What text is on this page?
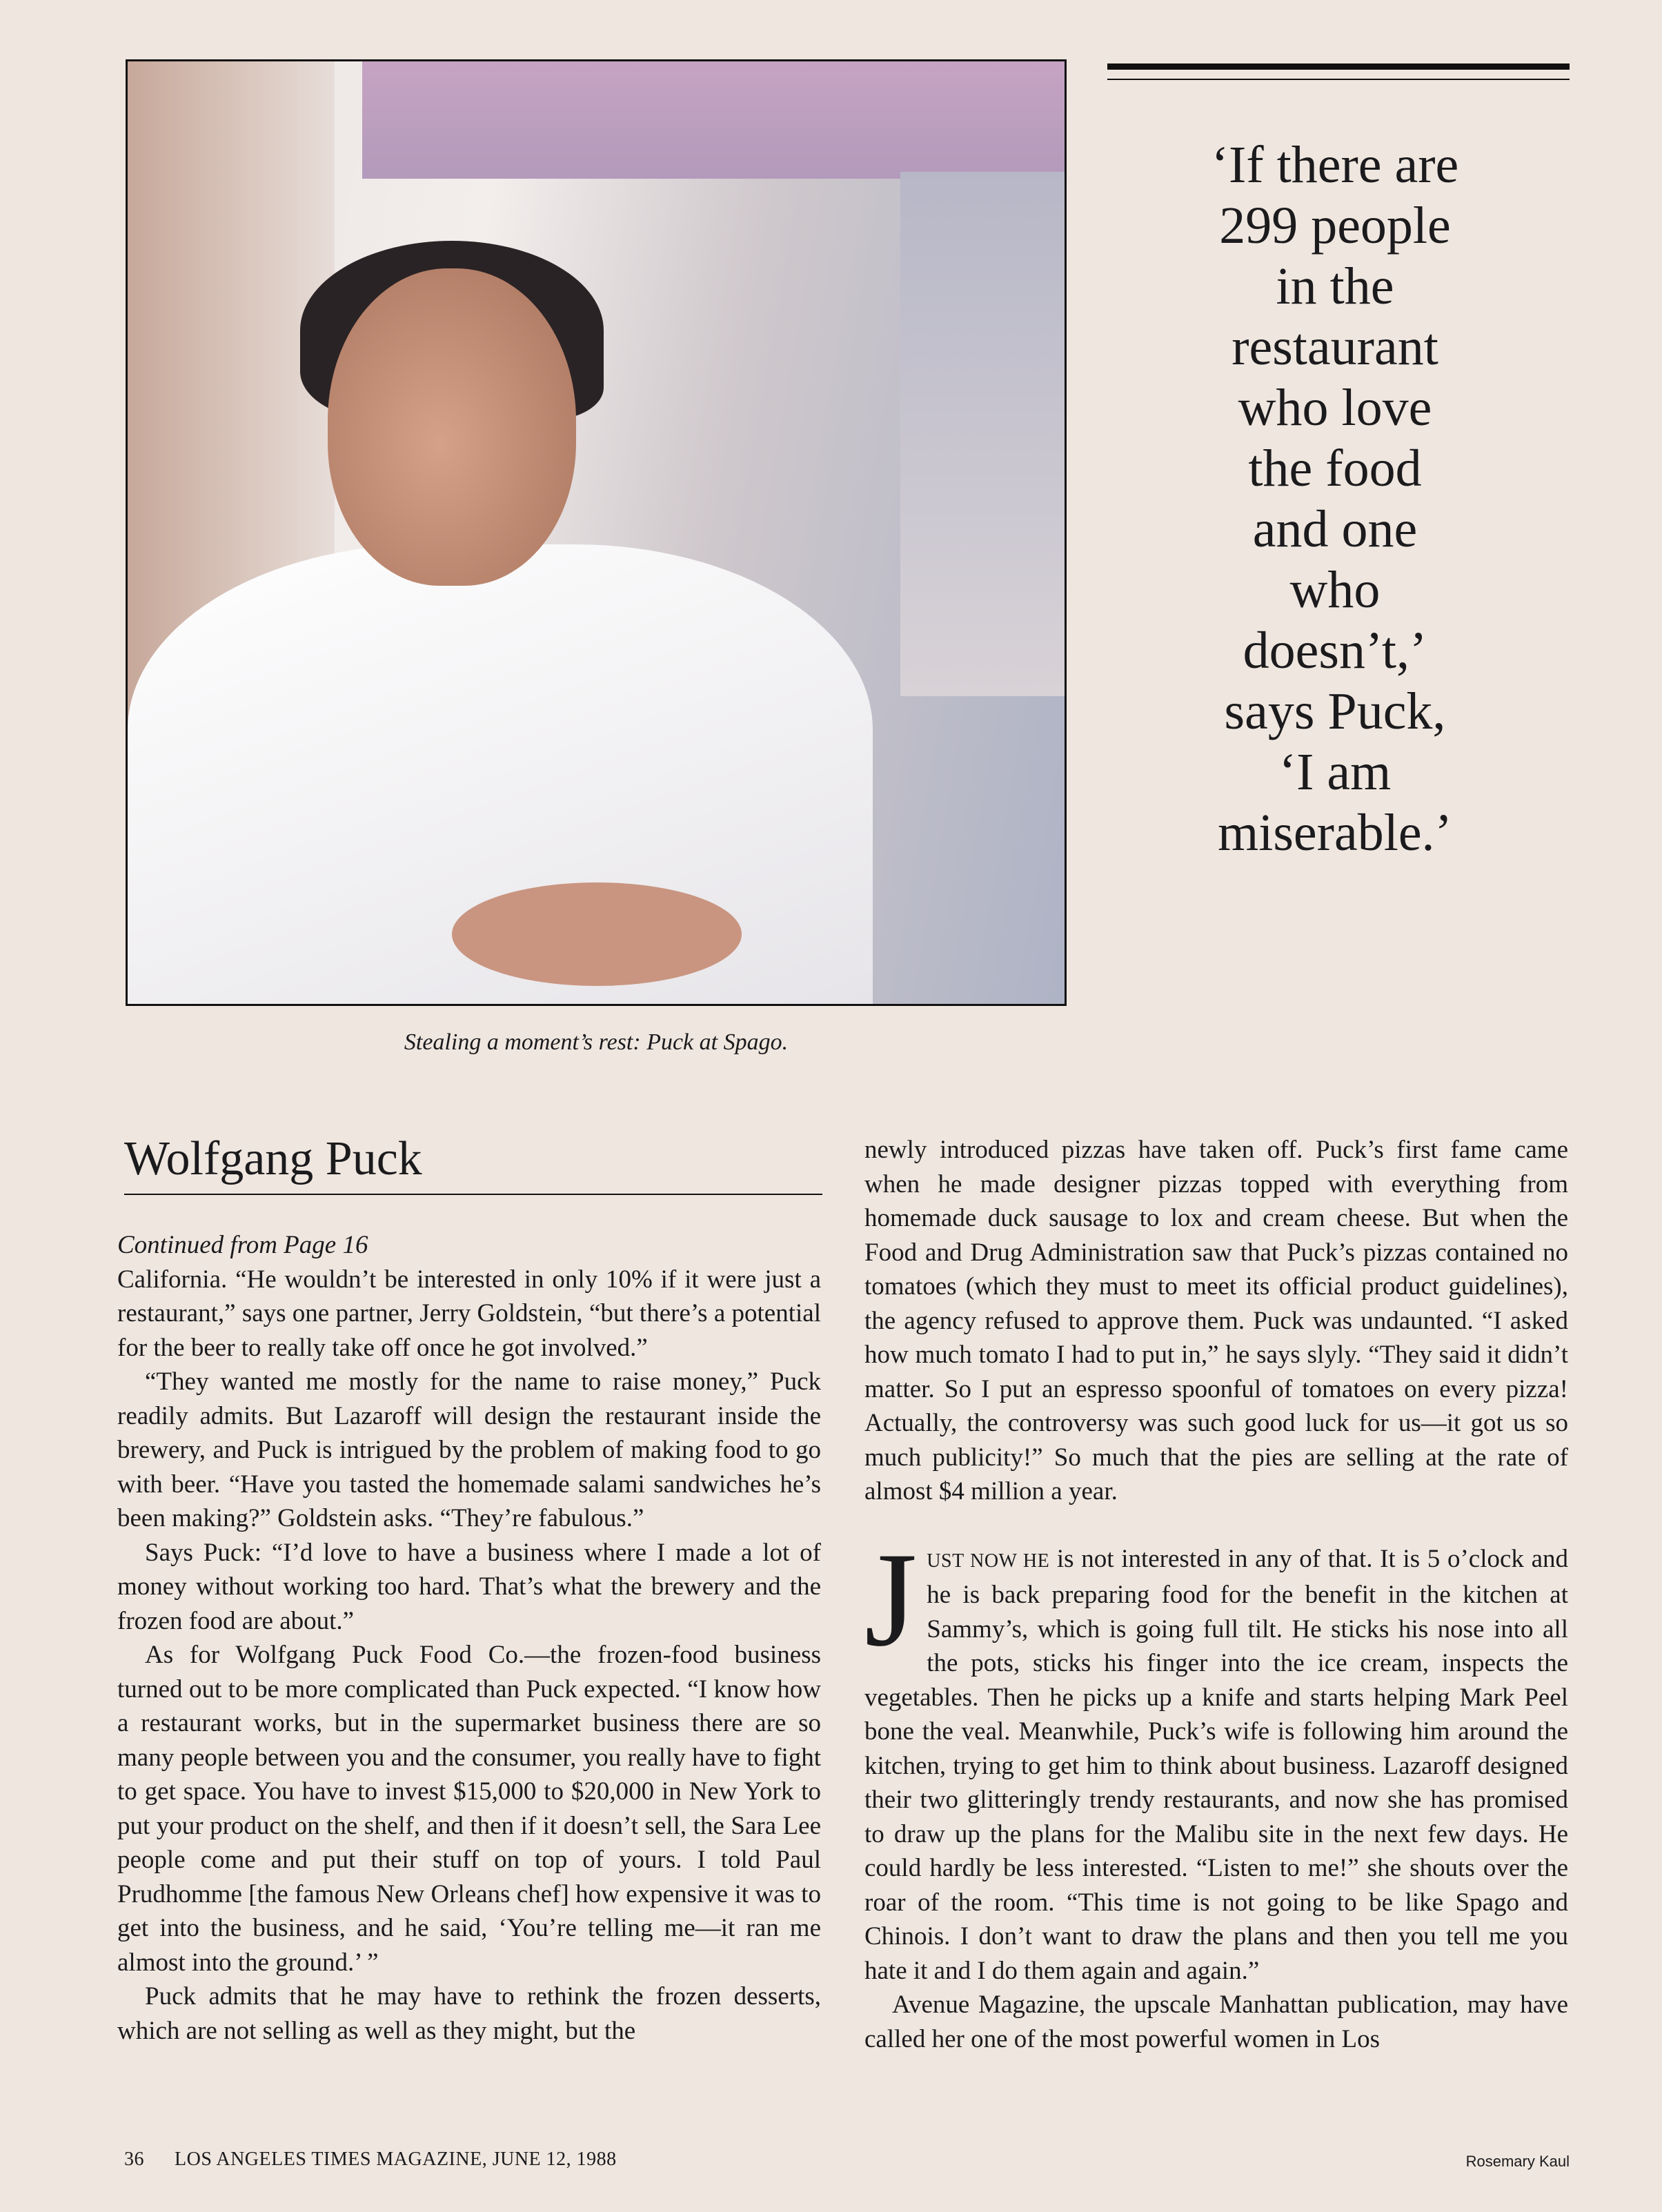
Stealing a moment’s rest: Puck at Spago.
‘If there are
299 people
in the
restaurant
who love
the food
and one
who
doesn’t,’
says Puck,
‘I am
miserable.’
Wolfgang Puck

Continued from Page 16

California. “He wouldn’t be interested in only 10% if it were just a restaurant,” says one partner, Jerry Goldstein, “but there’s a potential for the beer to really take off once he got involved.”

“They wanted me mostly for the name to raise money,” Puck readily admits. But Lazaroff will design the restaurant inside the brewery, and Puck is intrigued by the problem of making food to go with beer. “Have you tasted the homemade salami sandwiches he’s been making?” Goldstein asks. “They’re fabulous.”

Says Puck: “I’d love to have a business where I made a lot of money without working too hard. That’s what the brewery and the frozen food are about.”

As for Wolfgang Puck Food Co.—the frozen-food business turned out to be more complicated than Puck expected. “I know how a restaurant works, but in the supermarket business there are so many people between you and the consumer, you really have to fight to get space. You have to invest $15,000 to $20,000 in New York to put your product on the shelf, and then if it doesn’t sell, the Sara Lee people come and put their stuff on top of yours. I told Paul Prudhomme [the famous New Orleans chef] how expensive it was to get into the business, and he said, ‘You’re telling me—it ran me almost into the ground.’ ”

Puck admits that he may have to rethink the frozen desserts, which are not selling as well as they might, but the

newly introduced pizzas have taken off. Puck’s first fame came when he made designer pizzas topped with everything from homemade duck sausage to lox and cream cheese. But when the Food and Drug Administration saw that Puck’s pizzas contained no tomatoes (which they must to meet its official product guidelines), the agency refused to approve them. Puck was undaunted. “I asked how much tomato I had to put in,” he says slyly. “They said it didn’t matter. So I put an espresso spoonful of tomatoes on every pizza! Actually, the controversy was such good luck for us—it got us so much publicity!” So much that the pies are selling at the rate of almost $4 million a year.

JUST NOW HE is not interested in any of that. It is 5 o’clock and he is back preparing food for the benefit in the kitchen at Sammy’s, which is going full tilt. He sticks his nose into all the pots, sticks his finger into the ice cream, inspects the vegetables. Then he picks up a knife and starts helping Mark Peel bone the veal. Meanwhile, Puck’s wife is following him around the kitchen, trying to get him to think about business. Lazaroff designed their two glitteringly trendy restaurants, and now she has promised to draw up the plans for the Malibu site in the next few days. He could hardly be less interested. “Listen to me!” she shouts over the roar of the room. “This time is not going to be like Spago and Chinois. I don’t want to draw the plans and then you tell me you hate it and I do them again and again.”

Avenue Magazine, the upscale Manhattan publication, may have called her one of the most powerful women in Los

36 LOS ANGELES TIMES MAGAZINE, JUNE 12, 1988	Rosemary Kaul
